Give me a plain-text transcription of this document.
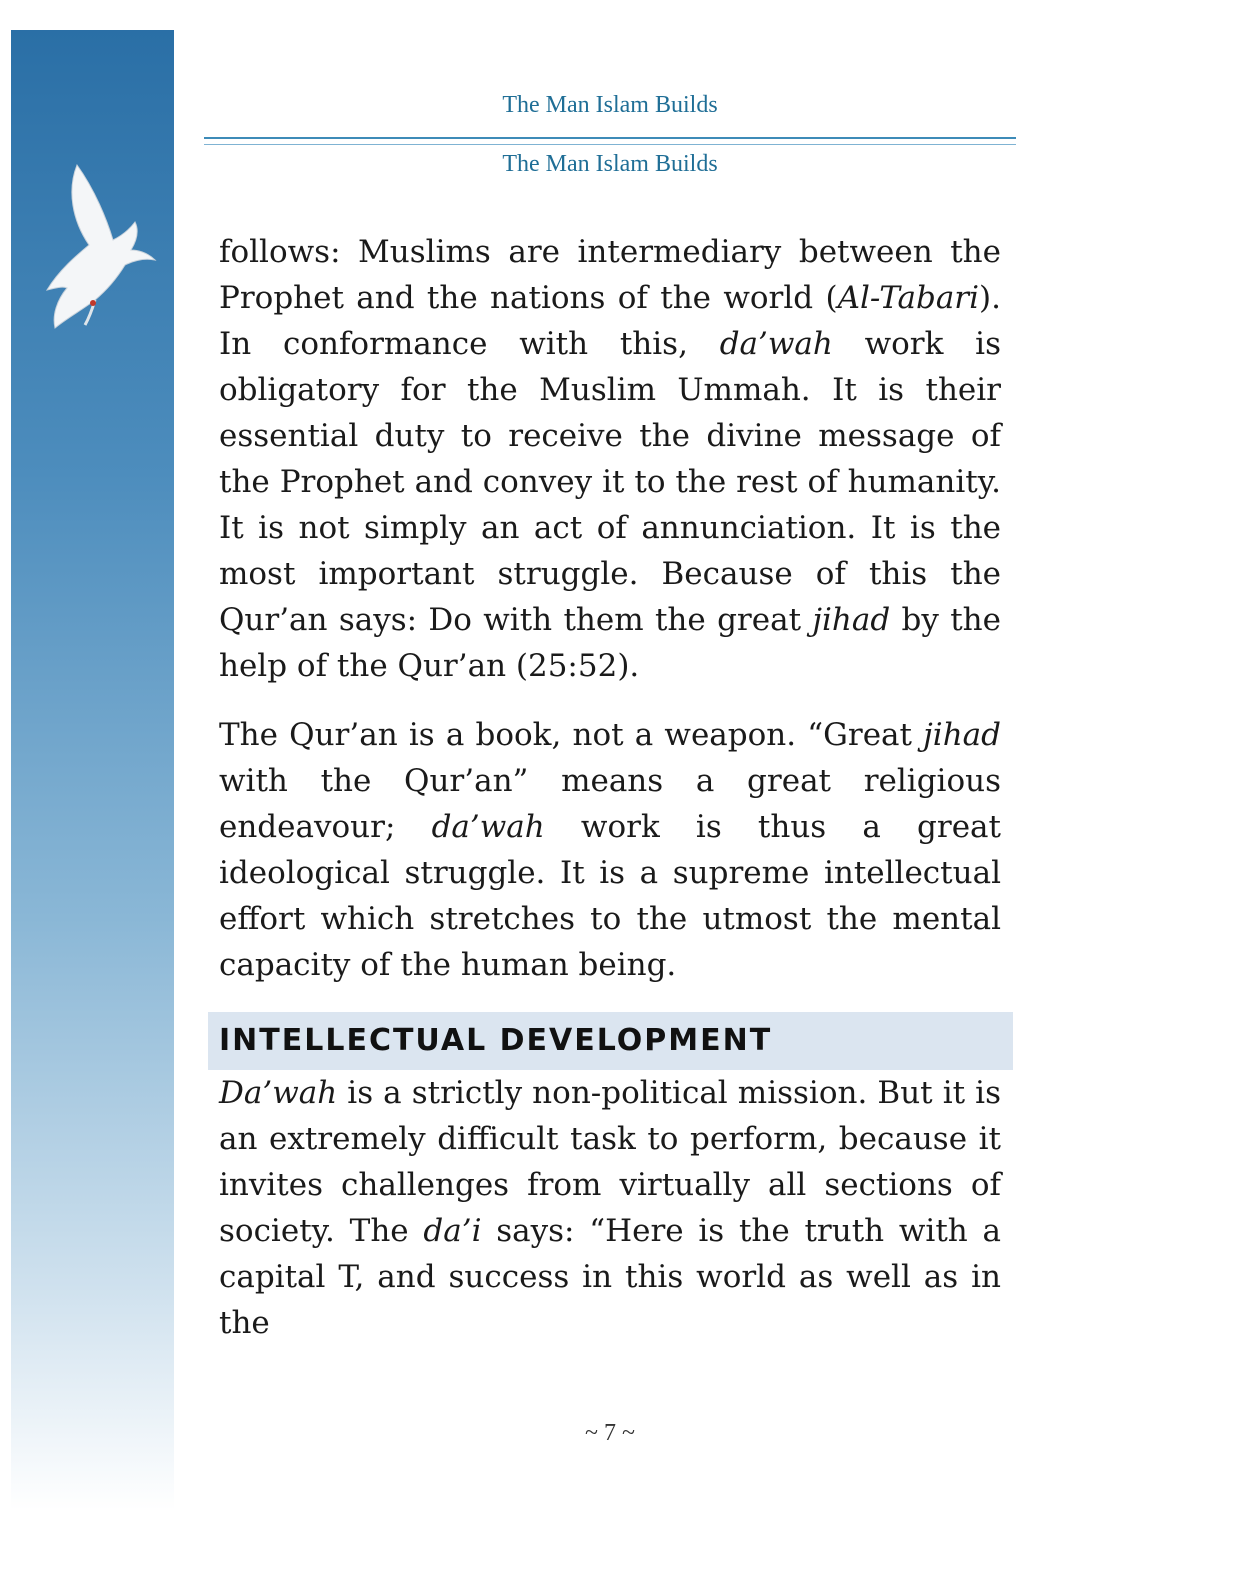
The Man Islam Builds
The Man Islam Builds

follows: Muslims are intermediary between the Prophet and the nations of the world (Al-Tabari). In conformance with this, da’wah work is obligatory for the Muslim Ummah. It is their essential duty to receive the divine message of the Prophet and convey it to the rest of humanity. It is not simply an act of annunciation. It is the most important struggle. Because of this the Qur’an says: Do with them the great jihad by the help of the Qur’an (25:52).

The Qur’an is a book, not a weapon. “Great jihad with the Qur’an” means a great religious endeavour; da’wah work is thus a great ideological struggle. It is a supreme intellectual effort which stretches to the utmost the mental capacity of the human being.

INTELLECTUAL DEVELOPMENT

Da’wah is a strictly non-political mission. But it is an extremely difficult task to perform, because it invites challenges from virtually all sections of society. The da’i says: “Here is the truth with a capital T, and success in this world as well as in the

~ 7 ~
